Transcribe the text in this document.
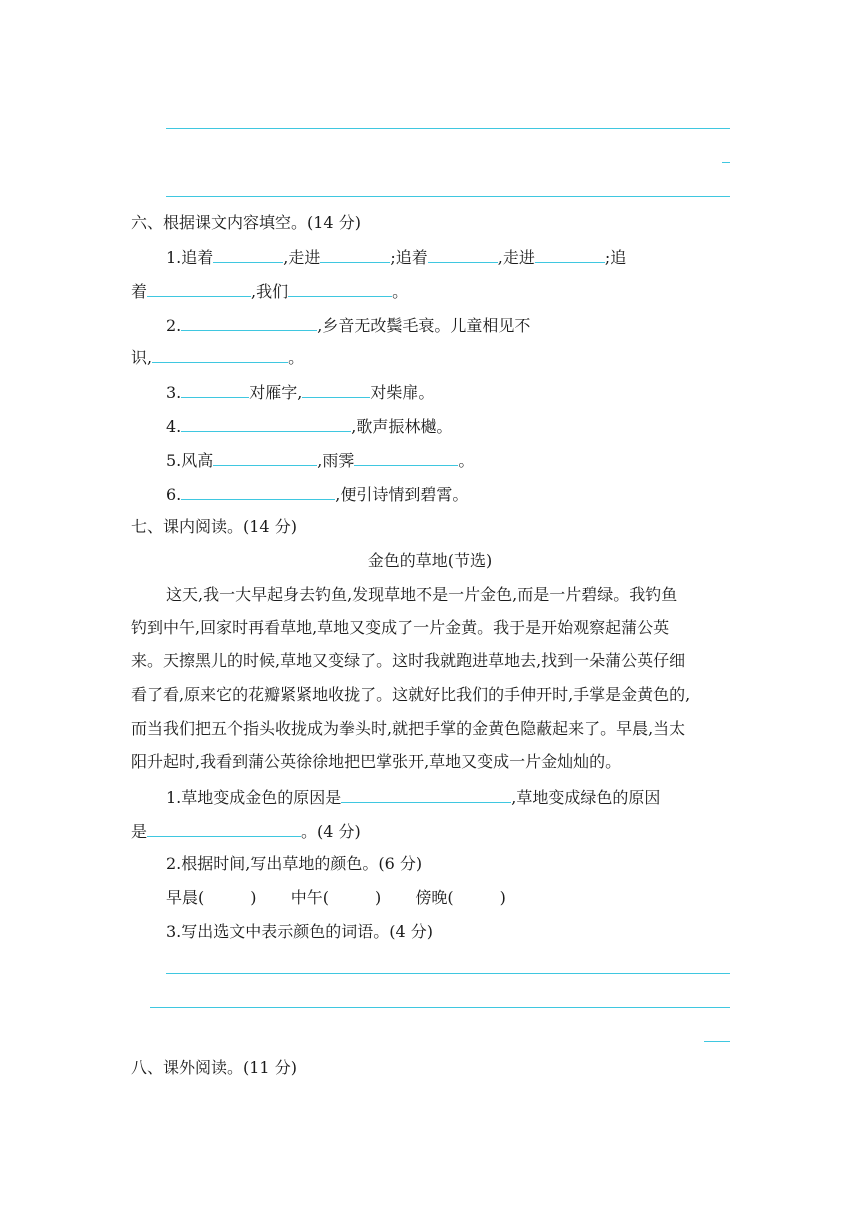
六、根据课文内容填空。(14 分)
1.追着	,走进	;追着	,走进	;追
着	,我们	。
2.	,乡音无改鬓毛衰。儿童相见不
识,	。
3.	对雁字,	对柴扉。
4.	,歌声振林樾。
5.风高	,雨霁	。
6.	,便引诗情到碧霄。
七、课内阅读。(14 分)
金色的草地(节选)
这天,我一大早起身去钓鱼,发现草地不是一片金色,而是一片碧绿。我钓鱼
钓到中午,回家时再看草地,草地又变成了一片金黄。我于是开始观察起蒲公英
来。天擦黑儿的时候,草地又变绿了。这时我就跑进草地去,找到一朵蒲公英仔细
看了看,原来它的花瓣紧紧地收拢了。这就好比我们的手伸开时,手掌是金黄色的,
而当我们把五个指头收拢成为拳头时,就把手掌的金黄色隐蔽起来了。早晨,当太
阳升起时,我看到蒲公英徐徐地把巴掌张开,草地又变成一片金灿灿的。
1.草地变成金色的原因是	,草地变成绿色的原因
是	。(4 分)
2.根据时间,写出草地的颜色。(6 分)
早晨(	) 中午(	) 傍晚(	)
3.写出选文中表示颜色的词语。(4 分)
八、课外阅读。(11 分)
